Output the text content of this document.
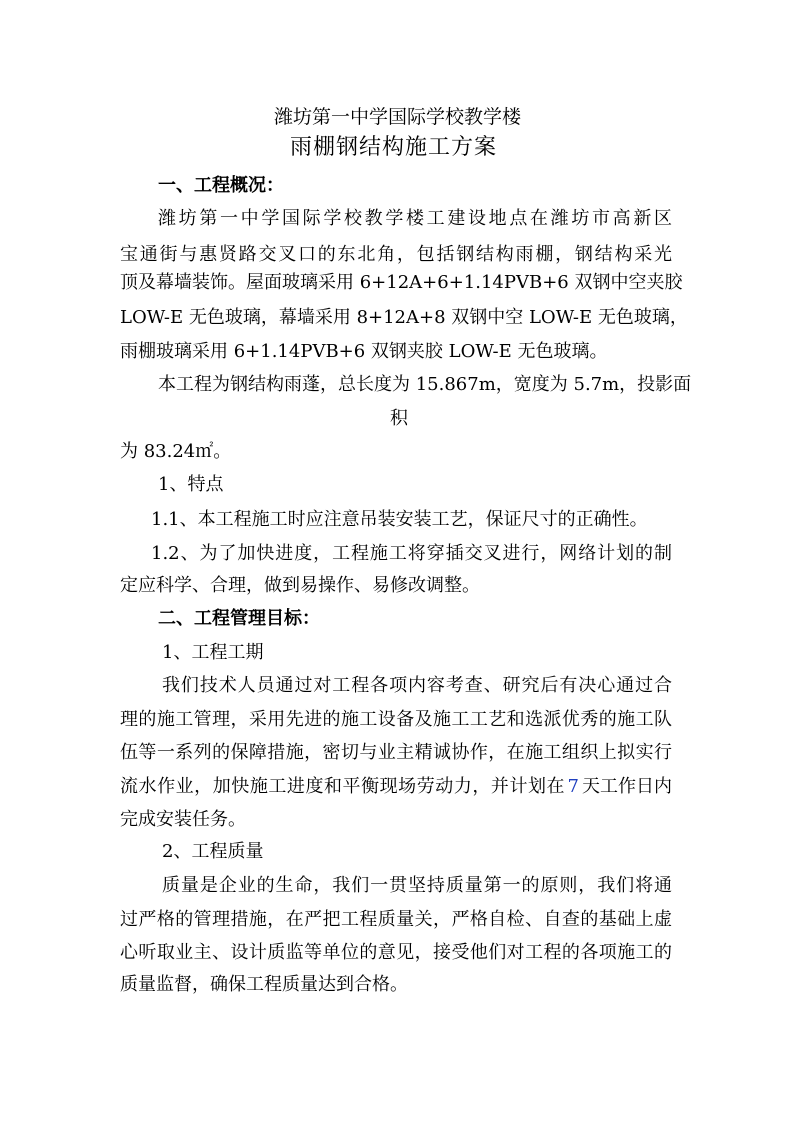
潍坊第一中学国际学校教学楼
雨棚钢结构施工方案
一、工程概况：
潍坊第一中学国际学校教学楼工建设地点在潍坊市高新区
宝通街与惠贤路交叉口的东北角，包括钢结构雨棚，钢结构采光
顶及幕墙装饰。屋面玻璃采用 6+12A+6+1.14PVB+6 双钢中空夹胶
LOW-E 无色玻璃，幕墙采用 8+12A+8 双钢中空 LOW-E 无色玻璃，
雨棚玻璃采用 6+1.14PVB+6 双钢夹胶 LOW-E 无色玻璃。
本工程为钢结构雨蓬，总长度为 15.867m，宽度为 5.7m，投影面
积
为 83.24㎡。
1、特点
1.1、本工程施工时应注意吊装安装工艺，保证尺寸的正确性。
1.2、为了加快进度，工程施工将穿插交叉进行，网络计划的制
定应科学、合理，做到易操作、易修改调整。
二、工程管理目标：
1、工程工期
我们技术人员通过对工程各项内容考查、研究后有决心通过合
理的施工管理，采用先进的施工设备及施工工艺和选派优秀的施工队
伍等一系列的保障措施，密切与业主精诚协作，在施工组织上拟实行
流水作业，加快施工进度和平衡现场劳动力，并计划在 7 天工作日内
完成安装任务。
2、工程质量
质量是企业的生命，我们一贯坚持质量第一的原则，我们将通
过严格的管理措施，在严把工程质量关，严格自检、自查的基础上虚
心听取业主、设计质监等单位的意见，接受他们对工程的各项施工的
质量监督，确保工程质量达到合格。
